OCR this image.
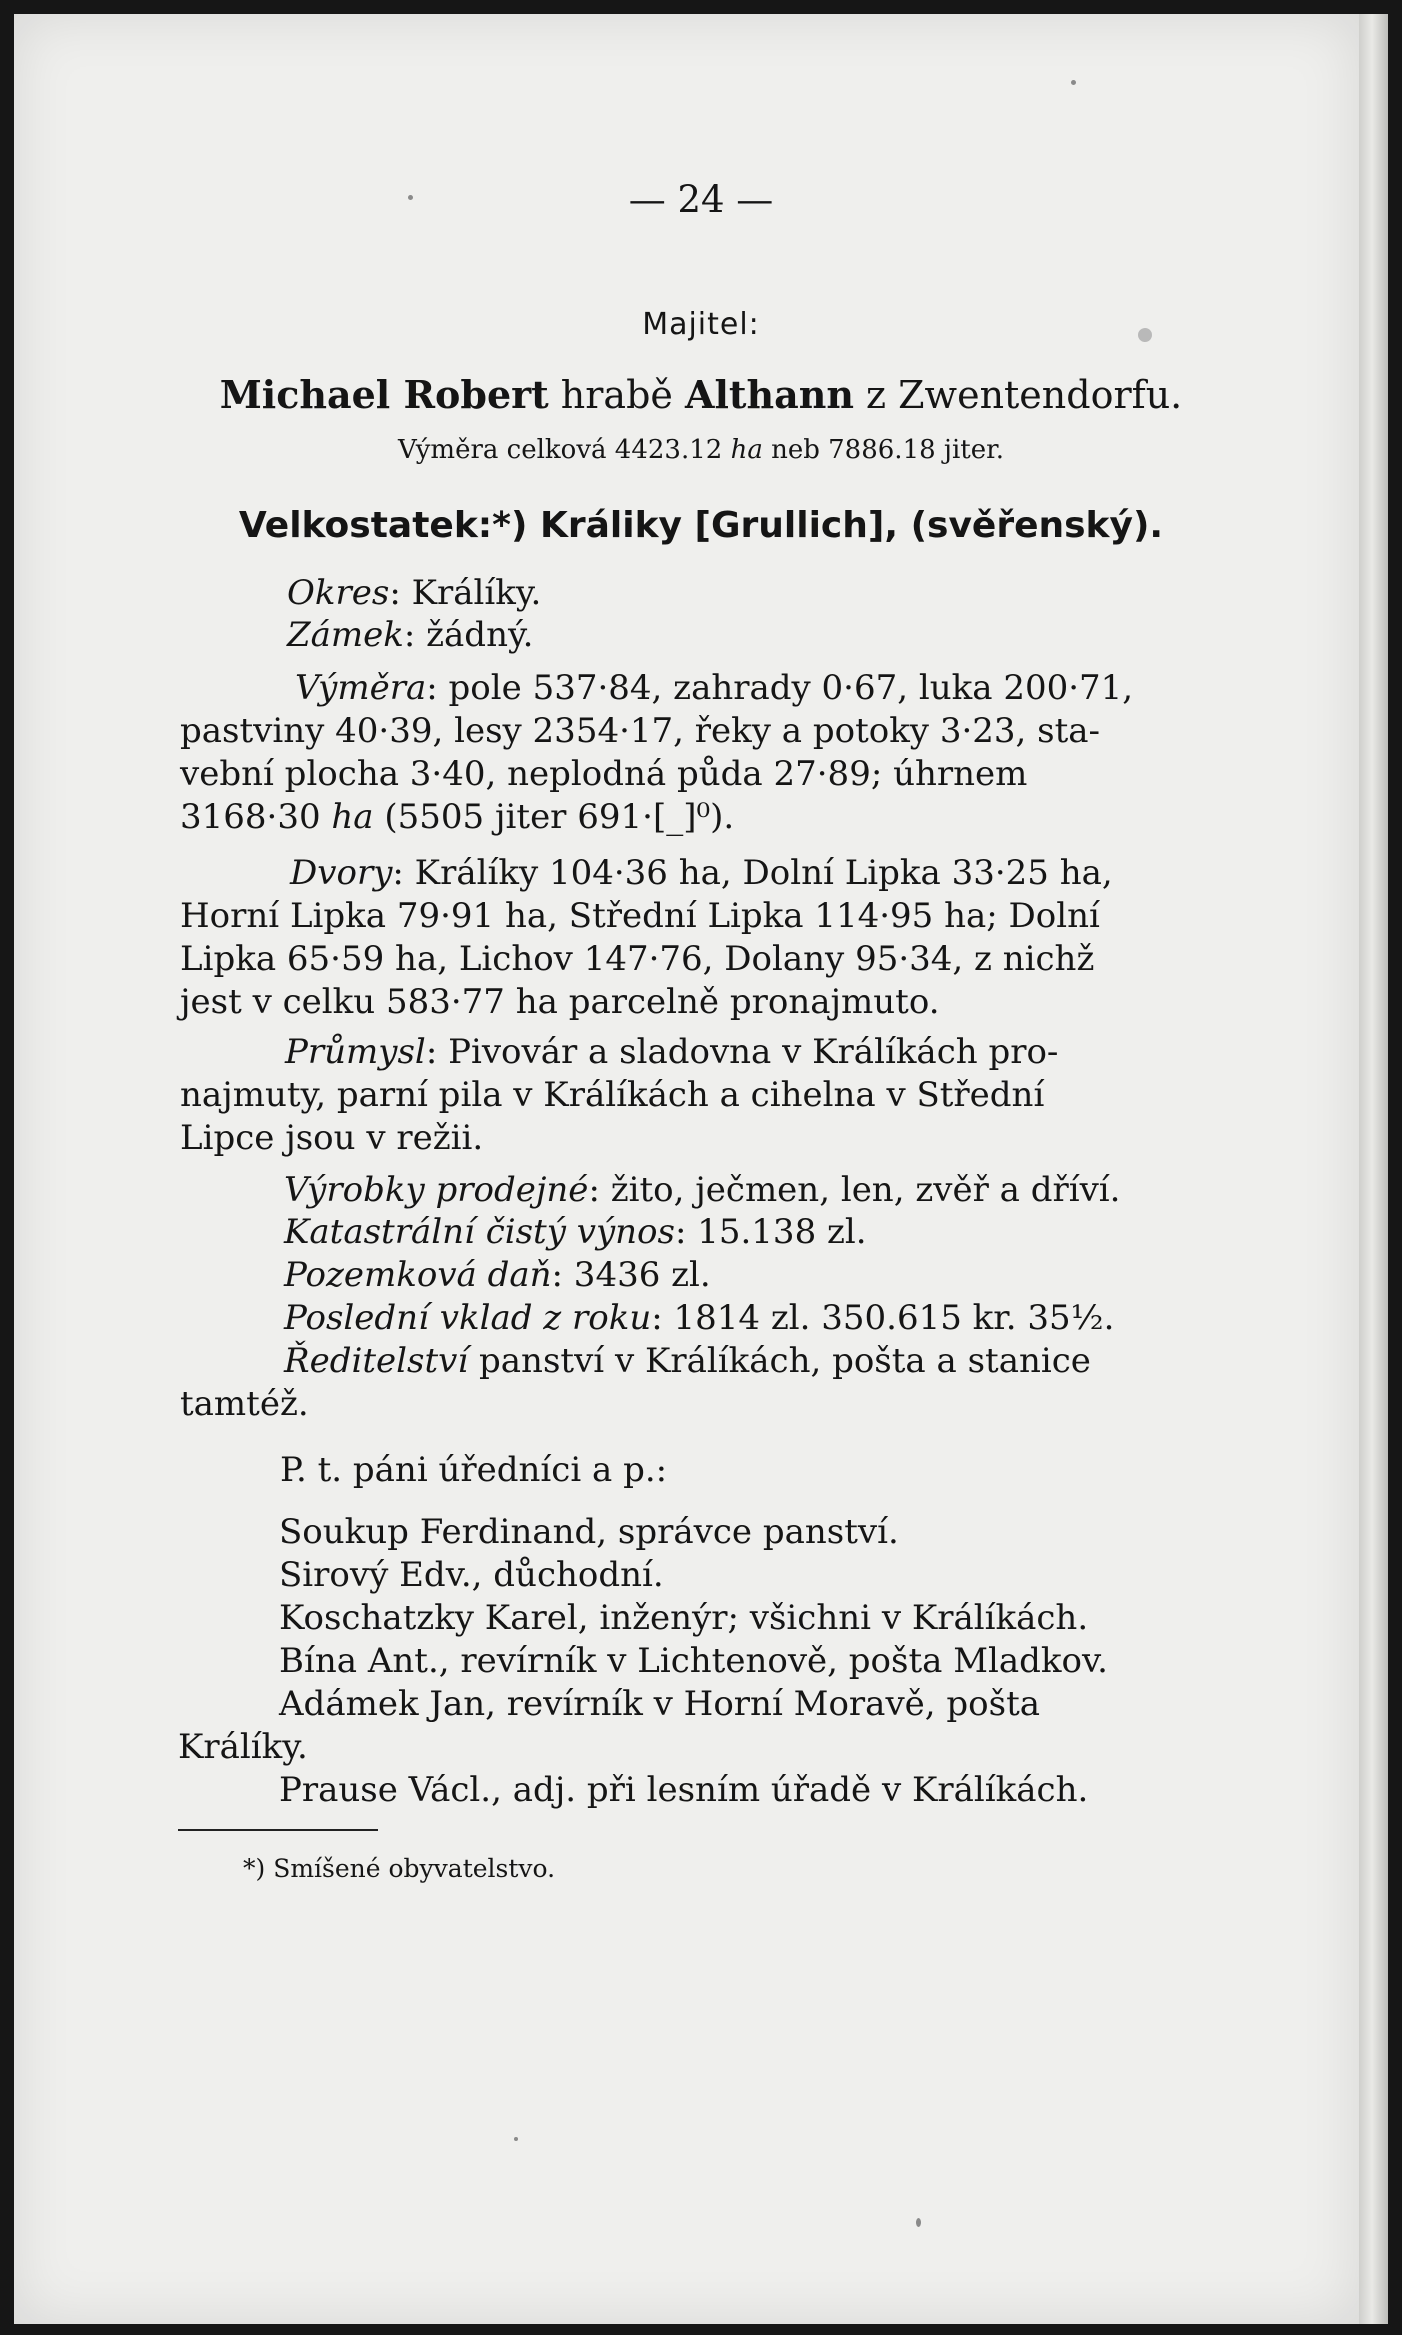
— 24 —
Majitel:
Michael Robert hrabě Althann z Zwentendorfu.
Výměra celková 4423.12 ha neb 7886.18 jiter.
Velkostatek:*) Králiky [Grullich], (svěřenský).
Okres: Králíky.
Zámek: žádný.
Výměra: pole 537·84, zahrady 0·67, luka 200·71,
pastviny 40·39, lesy 2354·17, řeky a potoky 3·23, sta-
vební plocha 3·40, neplodná půda 27·89; úhrnem
3168·30 ha (5505 jiter 691·[_]⁰).
Dvory: Králíky 104·36 ha, Dolní Lipka 33·25 ha,
Horní Lipka 79·91 ha, Střední Lipka 114·95 ha; Dolní
Lipka 65·59 ha, Lichov 147·76, Dolany 95·34, z nichž
jest v celku 583·77 ha parcelně pronajmuto.
Průmysl: Pivovár a sladovna v Králíkách pro-
najmuty, parní pila v Králíkách a cihelna v Střední
Lipce jsou v režii.
Výrobky prodejné: žito, ječmen, len, zvěř a dříví.
Katastrální čistý výnos: 15.138 zl.
Pozemková daň: 3436 zl.
Poslední vklad z roku: 1814 zl. 350.615 kr. 35½.
Ředitelství panství v Králíkách, pošta a stanice
tamtéž.
P. t. páni úředníci a p.:
Soukup Ferdinand, správce panství.
Sirový Edv., důchodní.
Koschatzky Karel, inženýr; všichni v Králíkách.
Bína Ant., revírník v Lichtenově, pošta Mladkov.
Adámek Jan, revírník v Horní Moravě, pošta
Králíky.
Prause Václ., adj. při lesním úřadě v Králíkách.
*) Smíšené obyvatelstvo.
